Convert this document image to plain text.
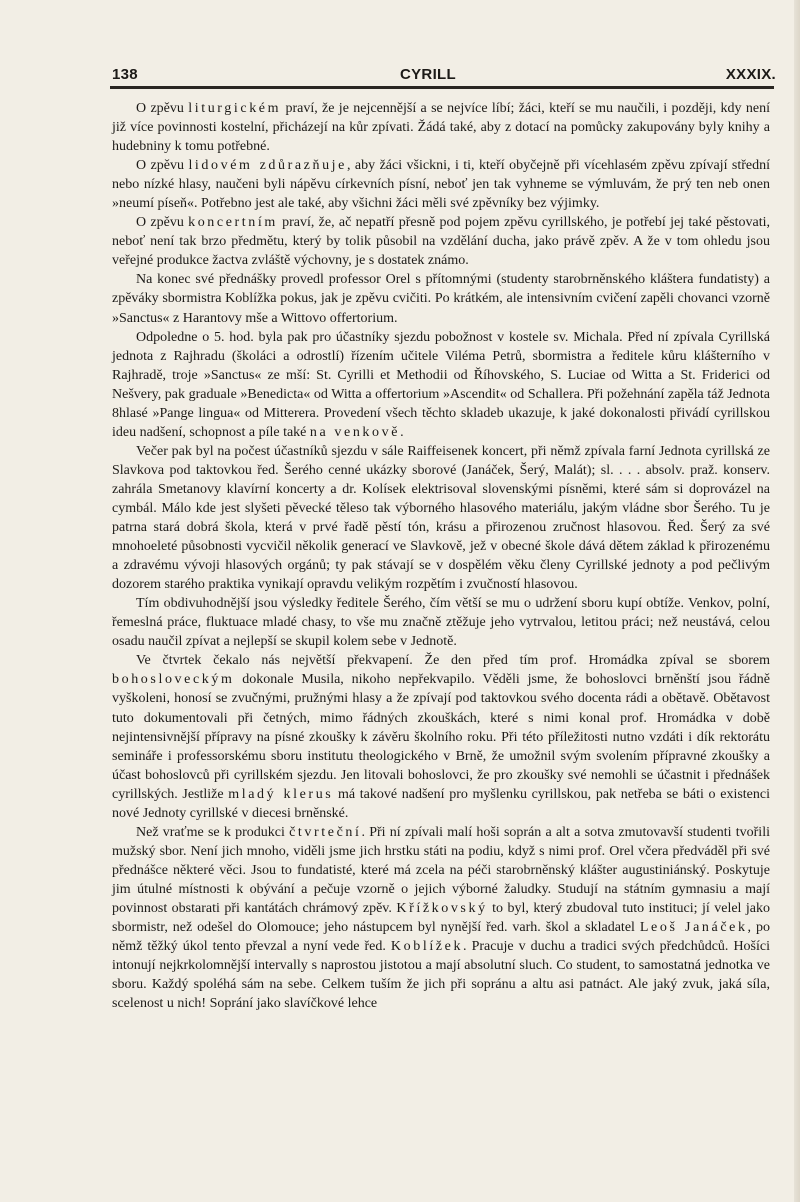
138	CYRILL	XXXIX.

O zpěvu liturgickém praví, že je nejcennější a se nejvíce líbí; žáci, kteří se mu naučili, i později, kdy není již více povinnosti kostelní, přicházejí na kůr zpívati. Žádá také, aby z dotací na pomůcky zakupovány byly knihy a hudebniny k tomu potřebné.

O zpěvu lidovém zdůrazňuje, aby žáci všickni, i ti, kteří obyčejně při vícehlasém zpěvu zpívají střední nebo nízké hlasy, naučeni byli nápěvu církevních písní, neboť jen tak vyhneme se výmluvám, že prý ten neb onen »neumí píseň«. Potřebno jest ale také, aby všichni žáci měli své zpěvníky bez výjimky.

O zpěvu koncertním praví, že, ač nepatří přesně pod pojem zpěvu cyrillského, je potřebí jej také pěstovati, neboť není tak brzo předmětu, který by tolik působil na vzdělání ducha, jako právě zpěv. A že v tom ohledu jsou veřejné produkce žactva zvláště výchovny, je s dostatek známo.

Na konec své přednášky provedl professor Orel s přítomnými (studenty starobrněnského kláštera fundatisty) a zpěváky sbormistra Koblížka pokus, jak je zpěvu cvičiti. Po krátkém, ale intensivním cvičení zapěli chovanci vzorně »Sanctus« z Harantovy mše a Wittovo offertorium.

Odpoledne o 5. hod. byla pak pro účastníky sjezdu pobožnost v kostele sv. Michala. Před ní zpívala Cyrillská jednota z Rajhradu (školáci a odrostlí) řízením učitele Viléma Petrů, sbormistra a ředitele kůru klášterního v Rajhradě, troje »Sanctus« ze mší: St. Cyrilli et Methodii od Říhovského, S. Luciae od Witta a St. Friderici od Nešvery, pak graduale »Benedicta« od Witta a offertorium »Ascendit« od Schallera. Při požehnání zapěla táž Jednota 8hlasé »Pange lingua« od Mitterera. Provedení všech těchto skladeb ukazuje, k jaké dokonalosti přivádí cyrillskou ideu nadšení, schopnost a píle také na venkově.

Večer pak byl na počest účastníků sjezdu v sále Raiffeisenek koncert, při němž zpívala farní Jednota cyrillská ze Slavkova pod taktovkou řed. Šerého cenné ukázky sborové (Janáček, Šerý, Malát); sl. . . . absolv. praž. konserv. zahrála Smetanovy klavírní koncerty a dr. Kolísek elektrisoval slovenskými písněmi, které sám si doprovázel na cymbál. Málo kde jest slyšeti pěvecké těleso tak výborného hlasového materiálu, jakým vládne sbor Šerého. Tu je patrna stará dobrá škola, která v prvé řadě pěstí tón, krásu a přirozenou zručnost hlasovou. Řed. Šerý za své mnohoeleté působnosti vycvičil několik generací ve Slavkově, jež v obecné škole dává dětem základ k přirozenému a zdravému vývoji hlasových orgánů; ty pak stávají se v dospělém věku členy Cyrillské jednoty a pod pečlivým dozorem starého praktika vynikají opravdu velikým rozpětím i zvučností hlasovou.

Tím obdivuhodnější jsou výsledky ředitele Šerého, čím větší se mu o udržení sboru kupí obtíže. Venkov, polní, řemeslná práce, fluktuace mladé chasy, to vše mu značně ztěžuje jeho vytrvalou, letitou práci; než neustává, celou osadu naučil zpívat a nejlepší se skupil kolem sebe v Jednotě.

Ve čtvrtek čekalo nás největší překvapení. Že den před tím prof. Hromádka zpíval se sborem bohosloveckým dokonale Musila, nikoho nepřekvapilo. Věděli jsme, že bohoslovci brněnští jsou řádně vyškoleni, honosí se zvučnými, pružnými hlasy a že zpívají pod taktovkou svého docenta rádi a obětavě. Obětavost tuto dokumentovali při četných, mimo řádných zkouškách, které s nimi konal prof. Hromádka v době nejintensivnější přípravy na písné zkoušky k závěru školního roku. Při této příležitosti nutno vzdáti i dík rektorátu semináře i professorskému sboru institutu theologického v Brně, že umožnil svým svolením přípravné zkoušky a účast bohoslovců při cyrillském sjezdu. Jen litovali bohoslovci, že pro zkoušky své nemohli se účastnit i přednášek cyrillských. Jestliže mladý klerus má takové nadšení pro myšlenku cyrillskou, pak netřeba se báti o existenci nové Jednoty cyrillské v diecesi brněnské.

Než vraťme se k produkci čtvrteční. Při ní zpívali malí hoši soprán a alt a sotva zmutovavší studenti tvořili mužský sbor. Není jich mnoho, viděli jsme jich hrstku státi na podiu, když s nimi prof. Orel včera předváděl při své přednášce některé věci. Jsou to fundatisté, které má zcela na péči starobrněnský klášter augustiniánský. Poskytuje jim útulné místnosti k obývání a pečuje vzorně o jejich výborné žaludky. Studují na státním gymnasiu a mají povinnost obstarati při kantátách chrámový zpěv. Křížkovský to byl, který zbudoval tuto instituci; jí velel jako sbormistr, než odešel do Olomouce; jeho nástupcem byl nynější řed. varh. škol a skladatel Leoš Janáček, po němž těžký úkol tento převzal a nyní vede řed. Koblížek. Pracuje v duchu a tradici svých předchůdců. Hošíci intonují nejkrkolomnější intervally s naprostou jistotou a mají absolutní sluch. Co student, to samostatná jednotka ve sboru. Každý spoléhá sám na sebe. Celkem tuším že jich při sopránu a altu asi patnáct. Ale jaký zvuk, jaká síla, scelenost u nich! Soprání jako slavíčkové lehce
